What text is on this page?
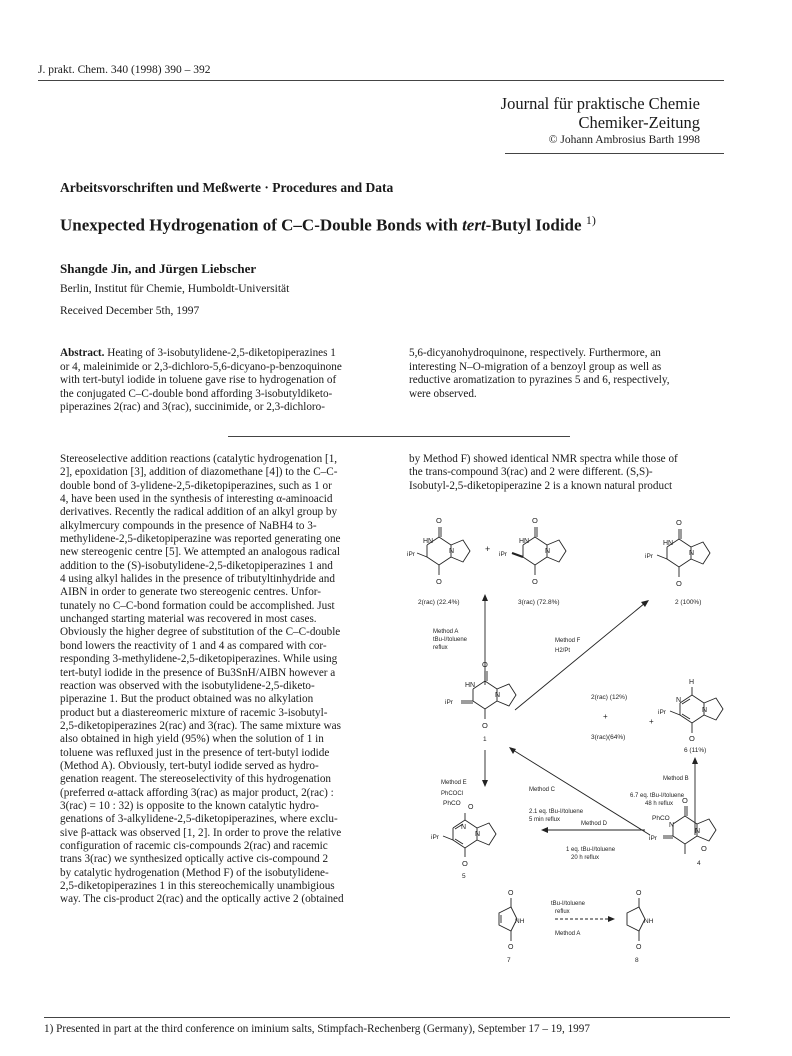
J. prakt. Chem. 340 (1998) 390 – 392
Journal für praktische Chemie
Chemiker-Zeitung
© Johann Ambrosius Barth 1998
Arbeitsvorschriften und Meßwerte · Procedures and Data
Unexpected Hydrogenation of C–C-Double Bonds with tert-Butyl Iodide $^{1)}$
Shangde Jin, and Jürgen Liebscher
Berlin, Institut für Chemie, Humboldt-Universität
Received December 5th, 1997
Abstract. Heating of 3-isobutylidene-2,5-diketopiperazines 1
or 4, maleinimide or 2,3-dichloro-5,6-dicyano-p-benzoquinone
with tert-butyl iodide in toluene gave rise to hydrogenation of
the conjugated C–C-double bond affording 3-isobutyldiketo-
piperazines 2(rac) and 3(rac), succinimide, or 2,3-dichloro-
5,6-dicyanohydroquinone, respectively. Furthermore, an
interesting N–O-migration of a benzoyl group as well as
reductive aromatization to pyrazines 5 and 6, respectively,
were observed.
Stereoselective addition reactions (catalytic hydrogenation [1,
2], epoxidation [3], addition of diazomethane [4]) to the C–C-
double bond of 3-ylidene-2,5-diketopiperazines, such as 1 or
4, have been used in the synthesis of interesting α-aminoacid
derivatives. Recently the radical addition of an alkyl group by
alkylmercury compounds in the presence of NaBH4 to 3-
methylidene-2,5-diketopiperazine was reported generating one
new stereogenic centre [5]. We attempted an analogous radical
addition to the (S)-isobutylidene-2,5-diketopiperazines 1 and
4 using alkyl halides in the presence of tributyltinhydride and
AIBN in order to generate two stereogenic centres. Unfor-
tunately no C–C-bond formation could be accomplished. Just
unchanged starting material was recovered in most cases.
Obviously the higher degree of substitution of the C–C-double
bond lowers the reactivity of 1 and 4 as compared with cor-
responding 3-methylidene-2,5-diketopiperazines. While using
tert-butyl iodide in the presence of Bu3SnH/AIBN however a
reaction was observed with the isobutylidene-2,5-diketo-
piperazine 1. But the product obtained was no alkylation
product but a diastereomeric mixture of racemic 3-isobutyl-
2,5-diketopiperazines 2(rac) and 3(rac). The same mixture was
also obtained in high yield (95%) when the solution of 1 in
toluene was refluxed just in the presence of tert-butyl iodide
(Method A). Obviously, tert-butyl iodide served as hydro-
genation reagent. The stereoselectivity of this hydrogenation
(preferred α-attack affording 3(rac) as major product, 2(rac) :
3(rac) = 10 : 32) is opposite to the known catalytic hydro-
genations of 3-alkylidene-2,5-diketopiperazines, where exclu-
sive β-attack was observed [1, 2]. In order to prove the relative
configuration of racemic cis-compounds 2(rac) and racemic
trans 3(rac) we synthesized optically active cis-compound 2
by catalytic hydrogenation (Method F) of the isobutylidene-
2,5-diketopiperazines 1 in this stereochemically unambigious
way. The cis-product 2(rac) and the optically active 2 (obtained
by Method F) showed identical NMR spectra while those of
the trans-compound 3(rac) and 2 were different. (S,S)-
Isobutyl-2,5-diketopiperazine 2 is a known natural product
O
HN
N
O
iPr
2(rac) (22.4%)
+
O
HN
N
O
iPr
3(rac) (72.8%)
O
HN
N
O
iPr
2 (100%)
Method A
tBu-I/toluene
reflux
Method F
H2/Pt
O
HN
N
O
iPr
1
2(rac) (12%)
+
3(rac)(64%)
+
H
N
N
O
iPr
6 (11%)
Method B
6.7 eq. tBu-I/toluene
48 h reflux
Method C
2.1 eq. tBu-I/toluene
5 min reflux
Method E
PhCOCl
PhCO
O
N
N
O
iPr
5
Method D
1 eq. tBu-I/toluene
20 h reflux
O
PhCO
N
N
O
iPr
4
O
NH
O
7
tBu-I/toluene
reflux
Method A
O
NH
O
8
1) Presented in part at the third conference on iminium salts, Stimpfach-Rechenberg (Germany), September 17 – 19, 1997
